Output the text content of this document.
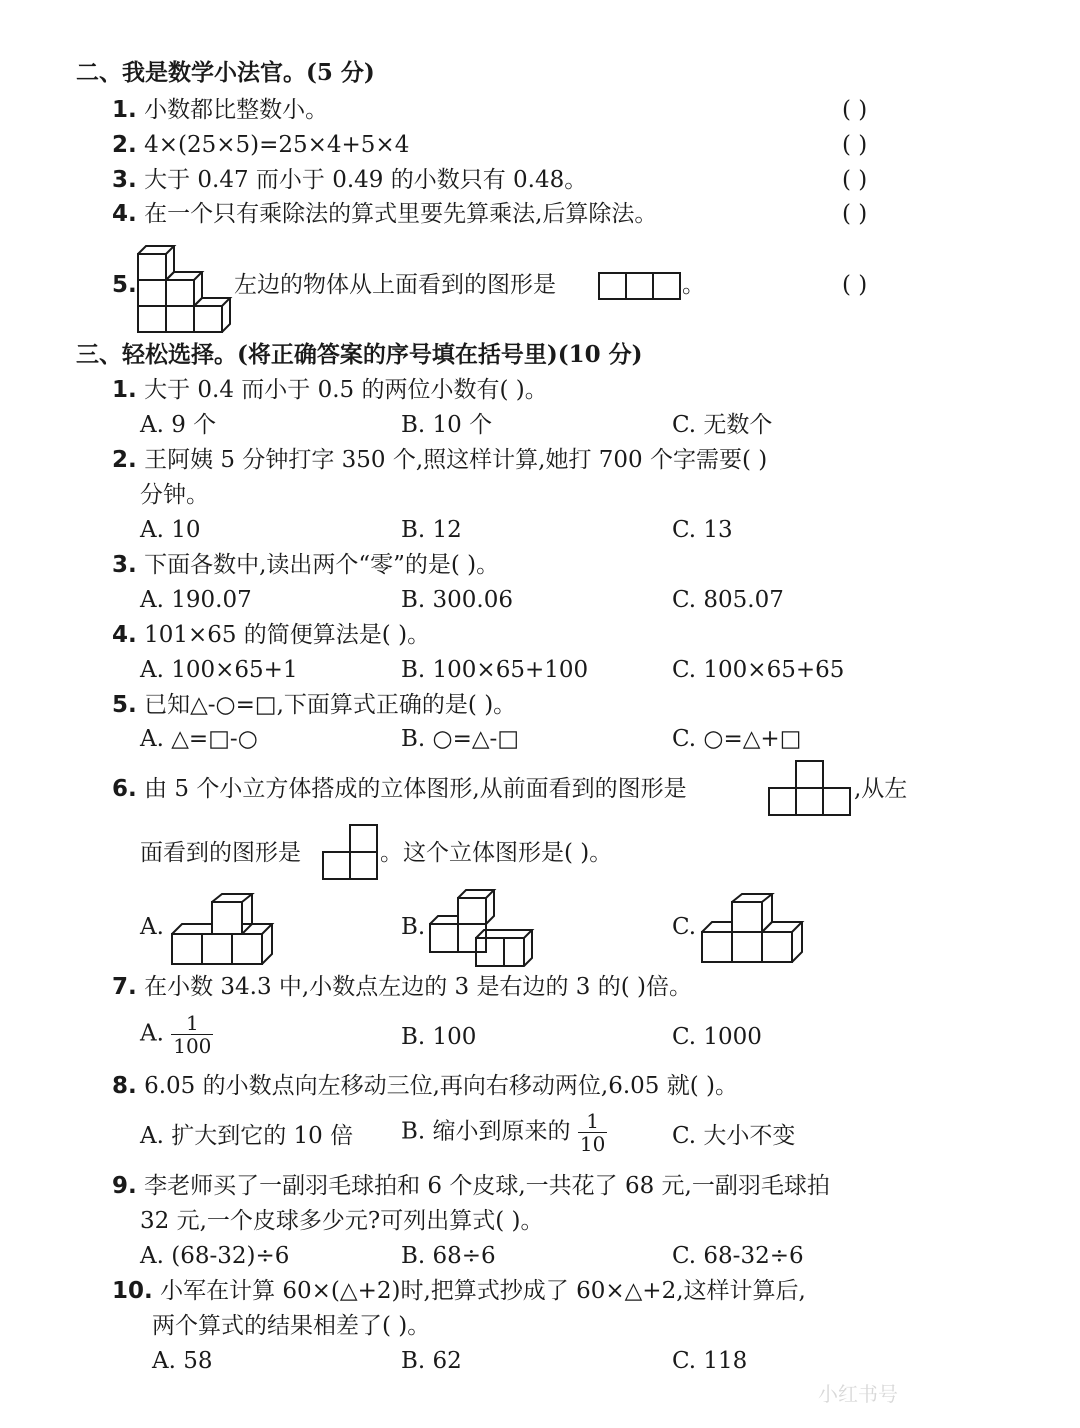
二、我是数学小法官。(5 分)
1. 小数都比整数小。	( )
2. 4×(25×5)=25×4+5×4	( )
3. 大于 0.47 而小于 0.49 的小数只有 0.48。	( )
4. 在一个只有乘除法的算式里要先算乘法,后算除法。	( )
5.	左边的物体从上面看到的图形是	。	( )
三、轻松选择。(将正确答案的序号填在括号里)(10 分)
1. 大于 0.4 而小于 0.5 的两位小数有( )。
A. 9 个	B. 10 个	C. 无数个
2. 王阿姨 5 分钟打字 350 个,照这样计算,她打 700 个字需要( )
分钟。
A. 10	B. 12	C. 13
3. 下面各数中,读出两个“零”的是( )。
A. 190.07	B. 300.06	C. 805.07
4. 101×65 的简便算法是( )。
A. 100×65+1	B. 100×65+100	C. 100×65+65
5. 已知△-○=□,下面算式正确的是( )。
A. △=□-○	B. ○=△-□	C. ○=△+□
6. 由 5 个小立方体搭成的立体图形,从前面看到的图形是	,从左
面看到的图形是	。这个立体图形是( )。
A.	B.	C.
7. 在小数 34.3 中,小数点左边的 3 是右边的 3 的( )倍。
A. $\frac{1}{100}$	B. 100	C. 1000
8. 6.05 的小数点向左移动三位,再向右移动两位,6.05 就( )。
A. 扩大到它的 10 倍 B. 缩小到原来的 $\frac{1}{10}$	C. 大小不变
9. 李老师买了一副羽毛球拍和 6 个皮球,一共花了 68 元,一副羽毛球拍
32 元,一个皮球多少元?可列出算式( )。
A. (68-32)÷6	B. 68÷6	C. 68-32÷6
10. 小军在计算 60×(△+2)时,把算式抄成了 60×△+2,这样计算后,
两个算式的结果相差了( )。
A. 58	B. 62	C. 118
小红书号
